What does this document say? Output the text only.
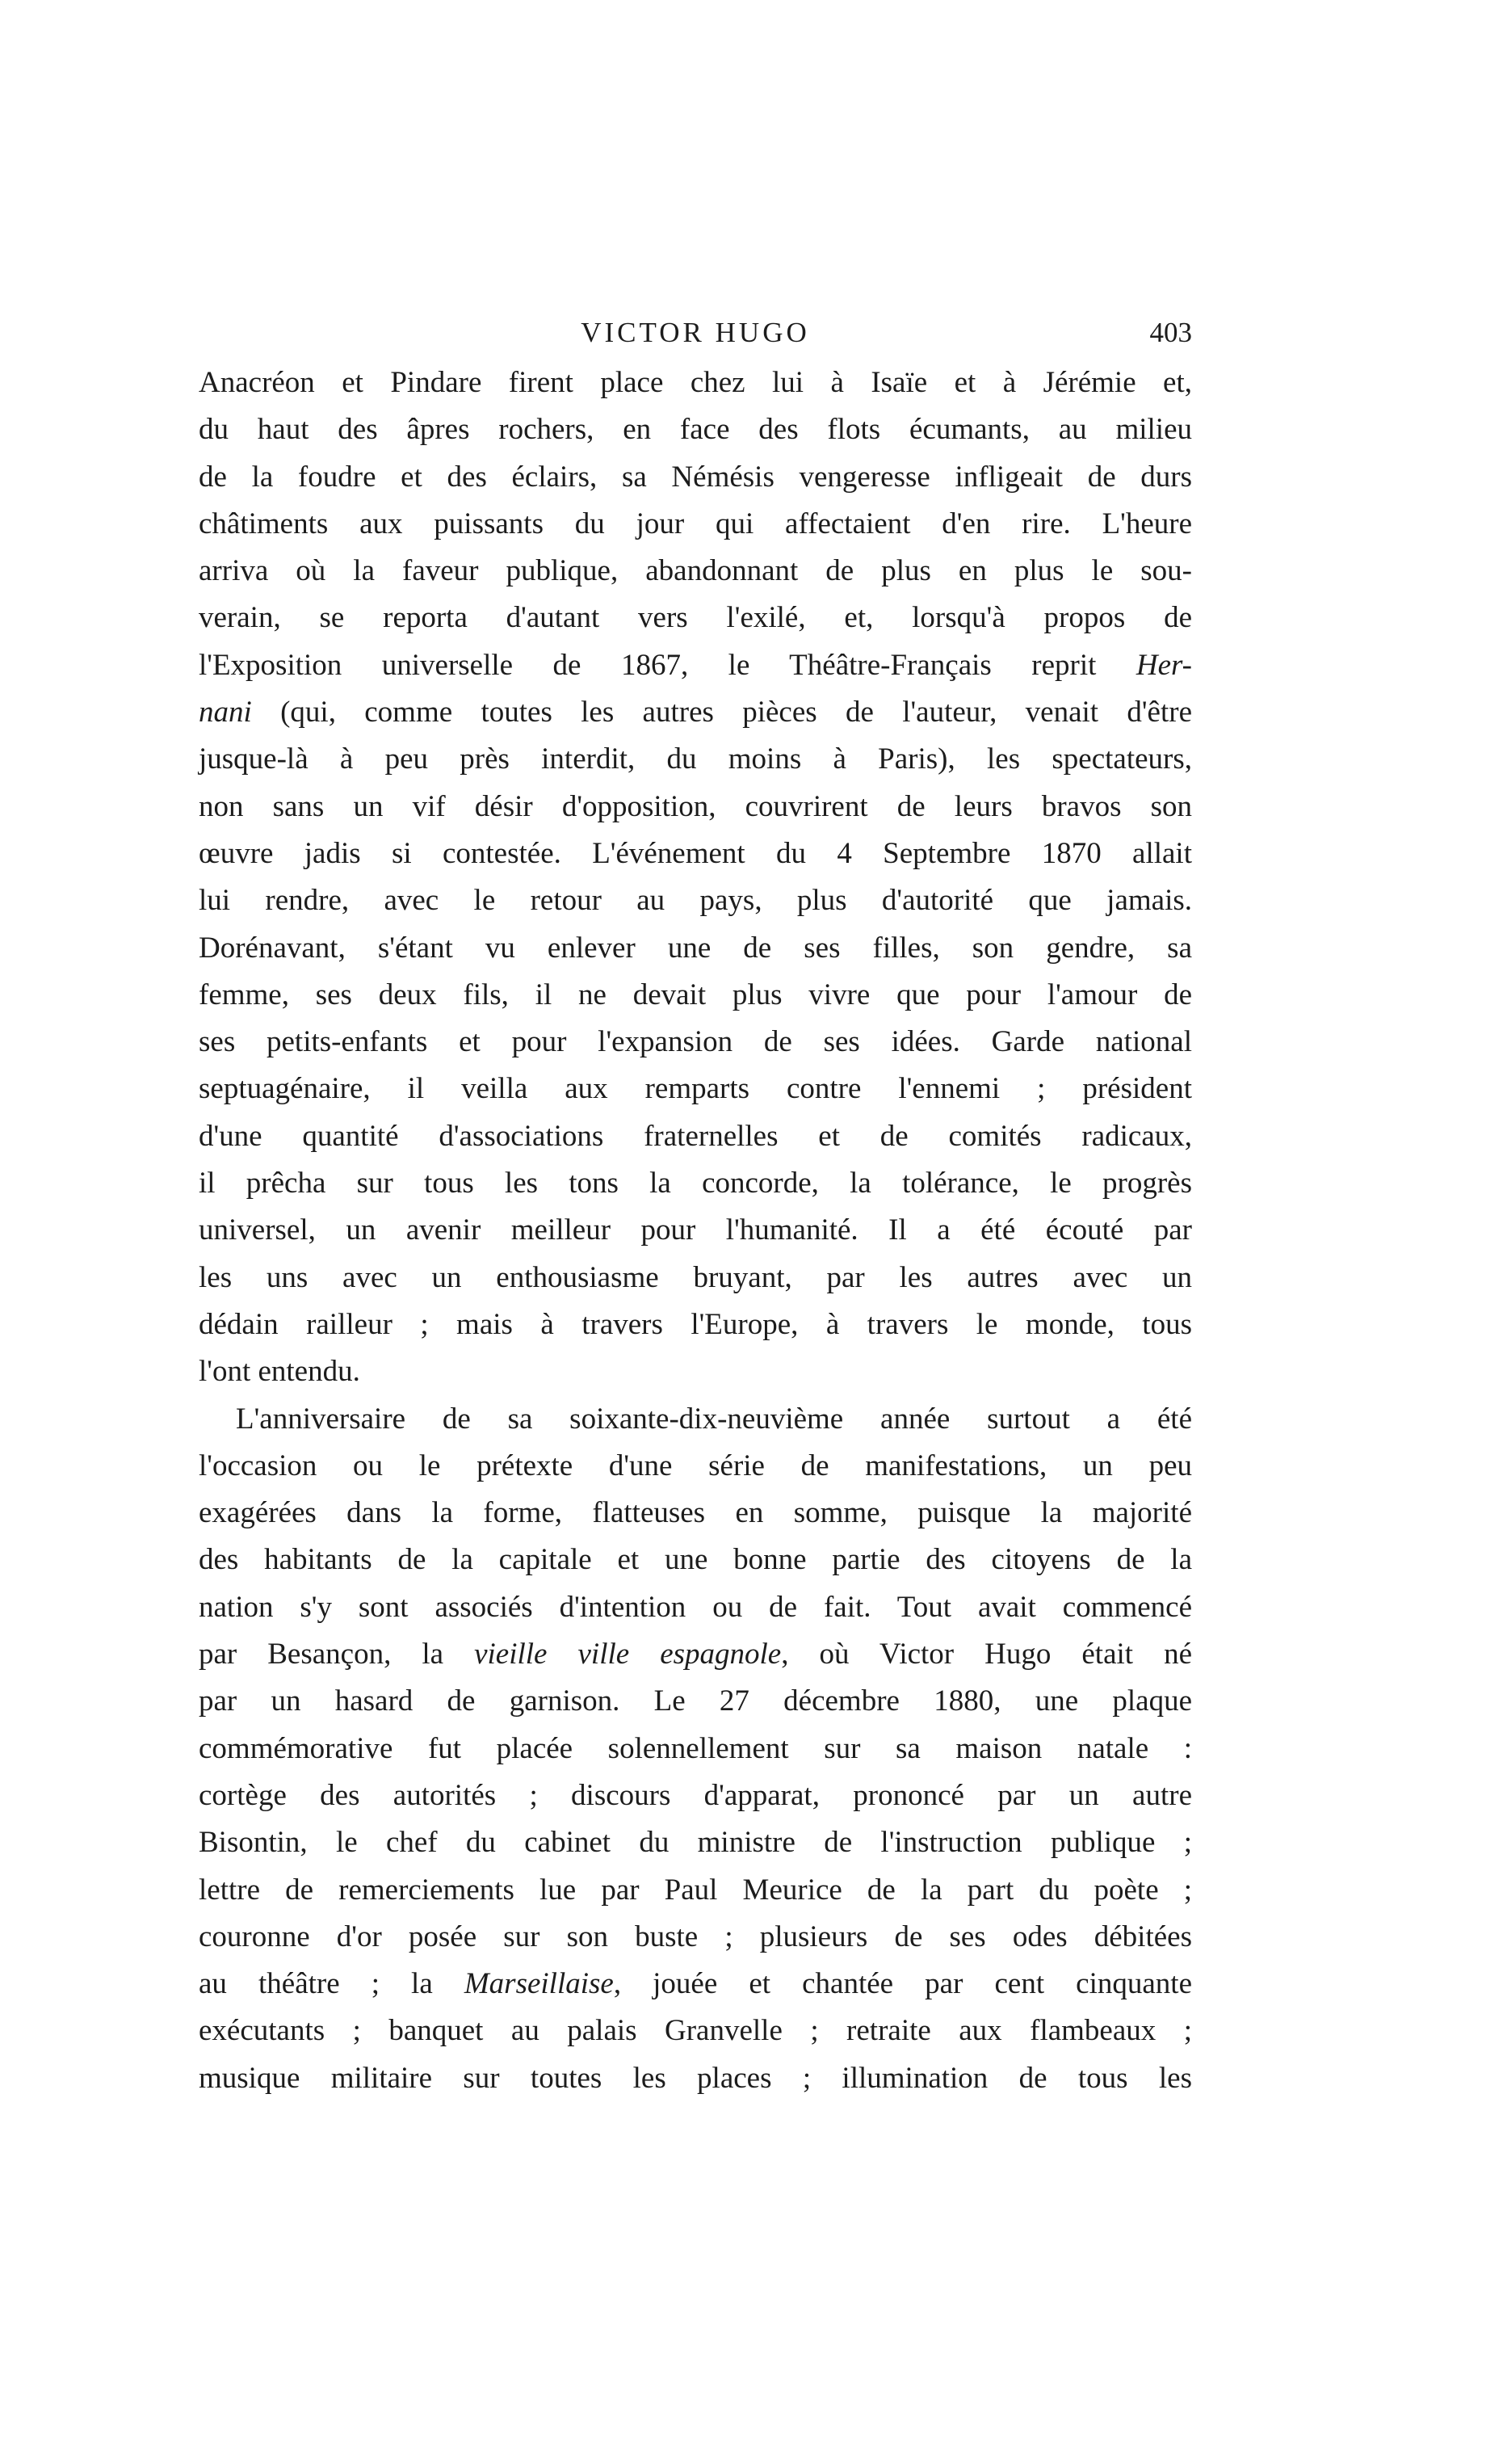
VICTOR HUGO	403
Anacréon et Pindare firent place chez lui à Isaïe et à Jérémie et,
du haut des âpres rochers, en face des flots écumants, au milieu
de la foudre et des éclairs, sa Némésis vengeresse infligeait de durs
châtiments aux puissants du jour qui affectaient d'en rire. L'heure
arriva où la faveur publique, abandonnant de plus en plus le sou-
verain, se reporta d'autant vers l'exilé, et, lorsqu'à propos de
l'Exposition universelle de 1867, le Théâtre-Français reprit Her-
nani (qui, comme toutes les autres pièces de l'auteur, venait d'être
jusque-là à peu près interdit, du moins à Paris), les spectateurs,
non sans un vif désir d'opposition, couvrirent de leurs bravos son
œuvre jadis si contestée. L'événement du 4 Septembre 1870 allait
lui rendre, avec le retour au pays, plus d'autorité que jamais.
Dorénavant, s'étant vu enlever une de ses filles, son gendre, sa
femme, ses deux fils, il ne devait plus vivre que pour l'amour de
ses petits-enfants et pour l'expansion de ses idées. Garde national
septuagénaire, il veilla aux remparts contre l'ennemi ; président
d'une quantité d'associations fraternelles et de comités radicaux,
il prêcha sur tous les tons la concorde, la tolérance, le progrès
universel, un avenir meilleur pour l'humanité. Il a été écouté par
les uns avec un enthousiasme bruyant, par les autres avec un
dédain railleur ; mais à travers l'Europe, à travers le monde, tous
l'ont entendu.
L'anniversaire de sa soixante-dix-neuvième année surtout a été
l'occasion ou le prétexte d'une série de manifestations, un peu
exagérées dans la forme, flatteuses en somme, puisque la majorité
des habitants de la capitale et une bonne partie des citoyens de la
nation s'y sont associés d'intention ou de fait. Tout avait commencé
par Besançon, la vieille ville espagnole, où Victor Hugo était né
par un hasard de garnison. Le 27 décembre 1880, une plaque
commémorative fut placée solennellement sur sa maison natale :
cortège des autorités ; discours d'apparat, prononcé par un autre
Bisontin, le chef du cabinet du ministre de l'instruction publique ;
lettre de remerciements lue par Paul Meurice de la part du poète ;
couronne d'or posée sur son buste ; plusieurs de ses odes débitées
au théâtre ; la Marseillaise, jouée et chantée par cent cinquante
exécutants ; banquet au palais Granvelle ; retraite aux flambeaux ;
musique militaire sur toutes les places ; illumination de tous les
